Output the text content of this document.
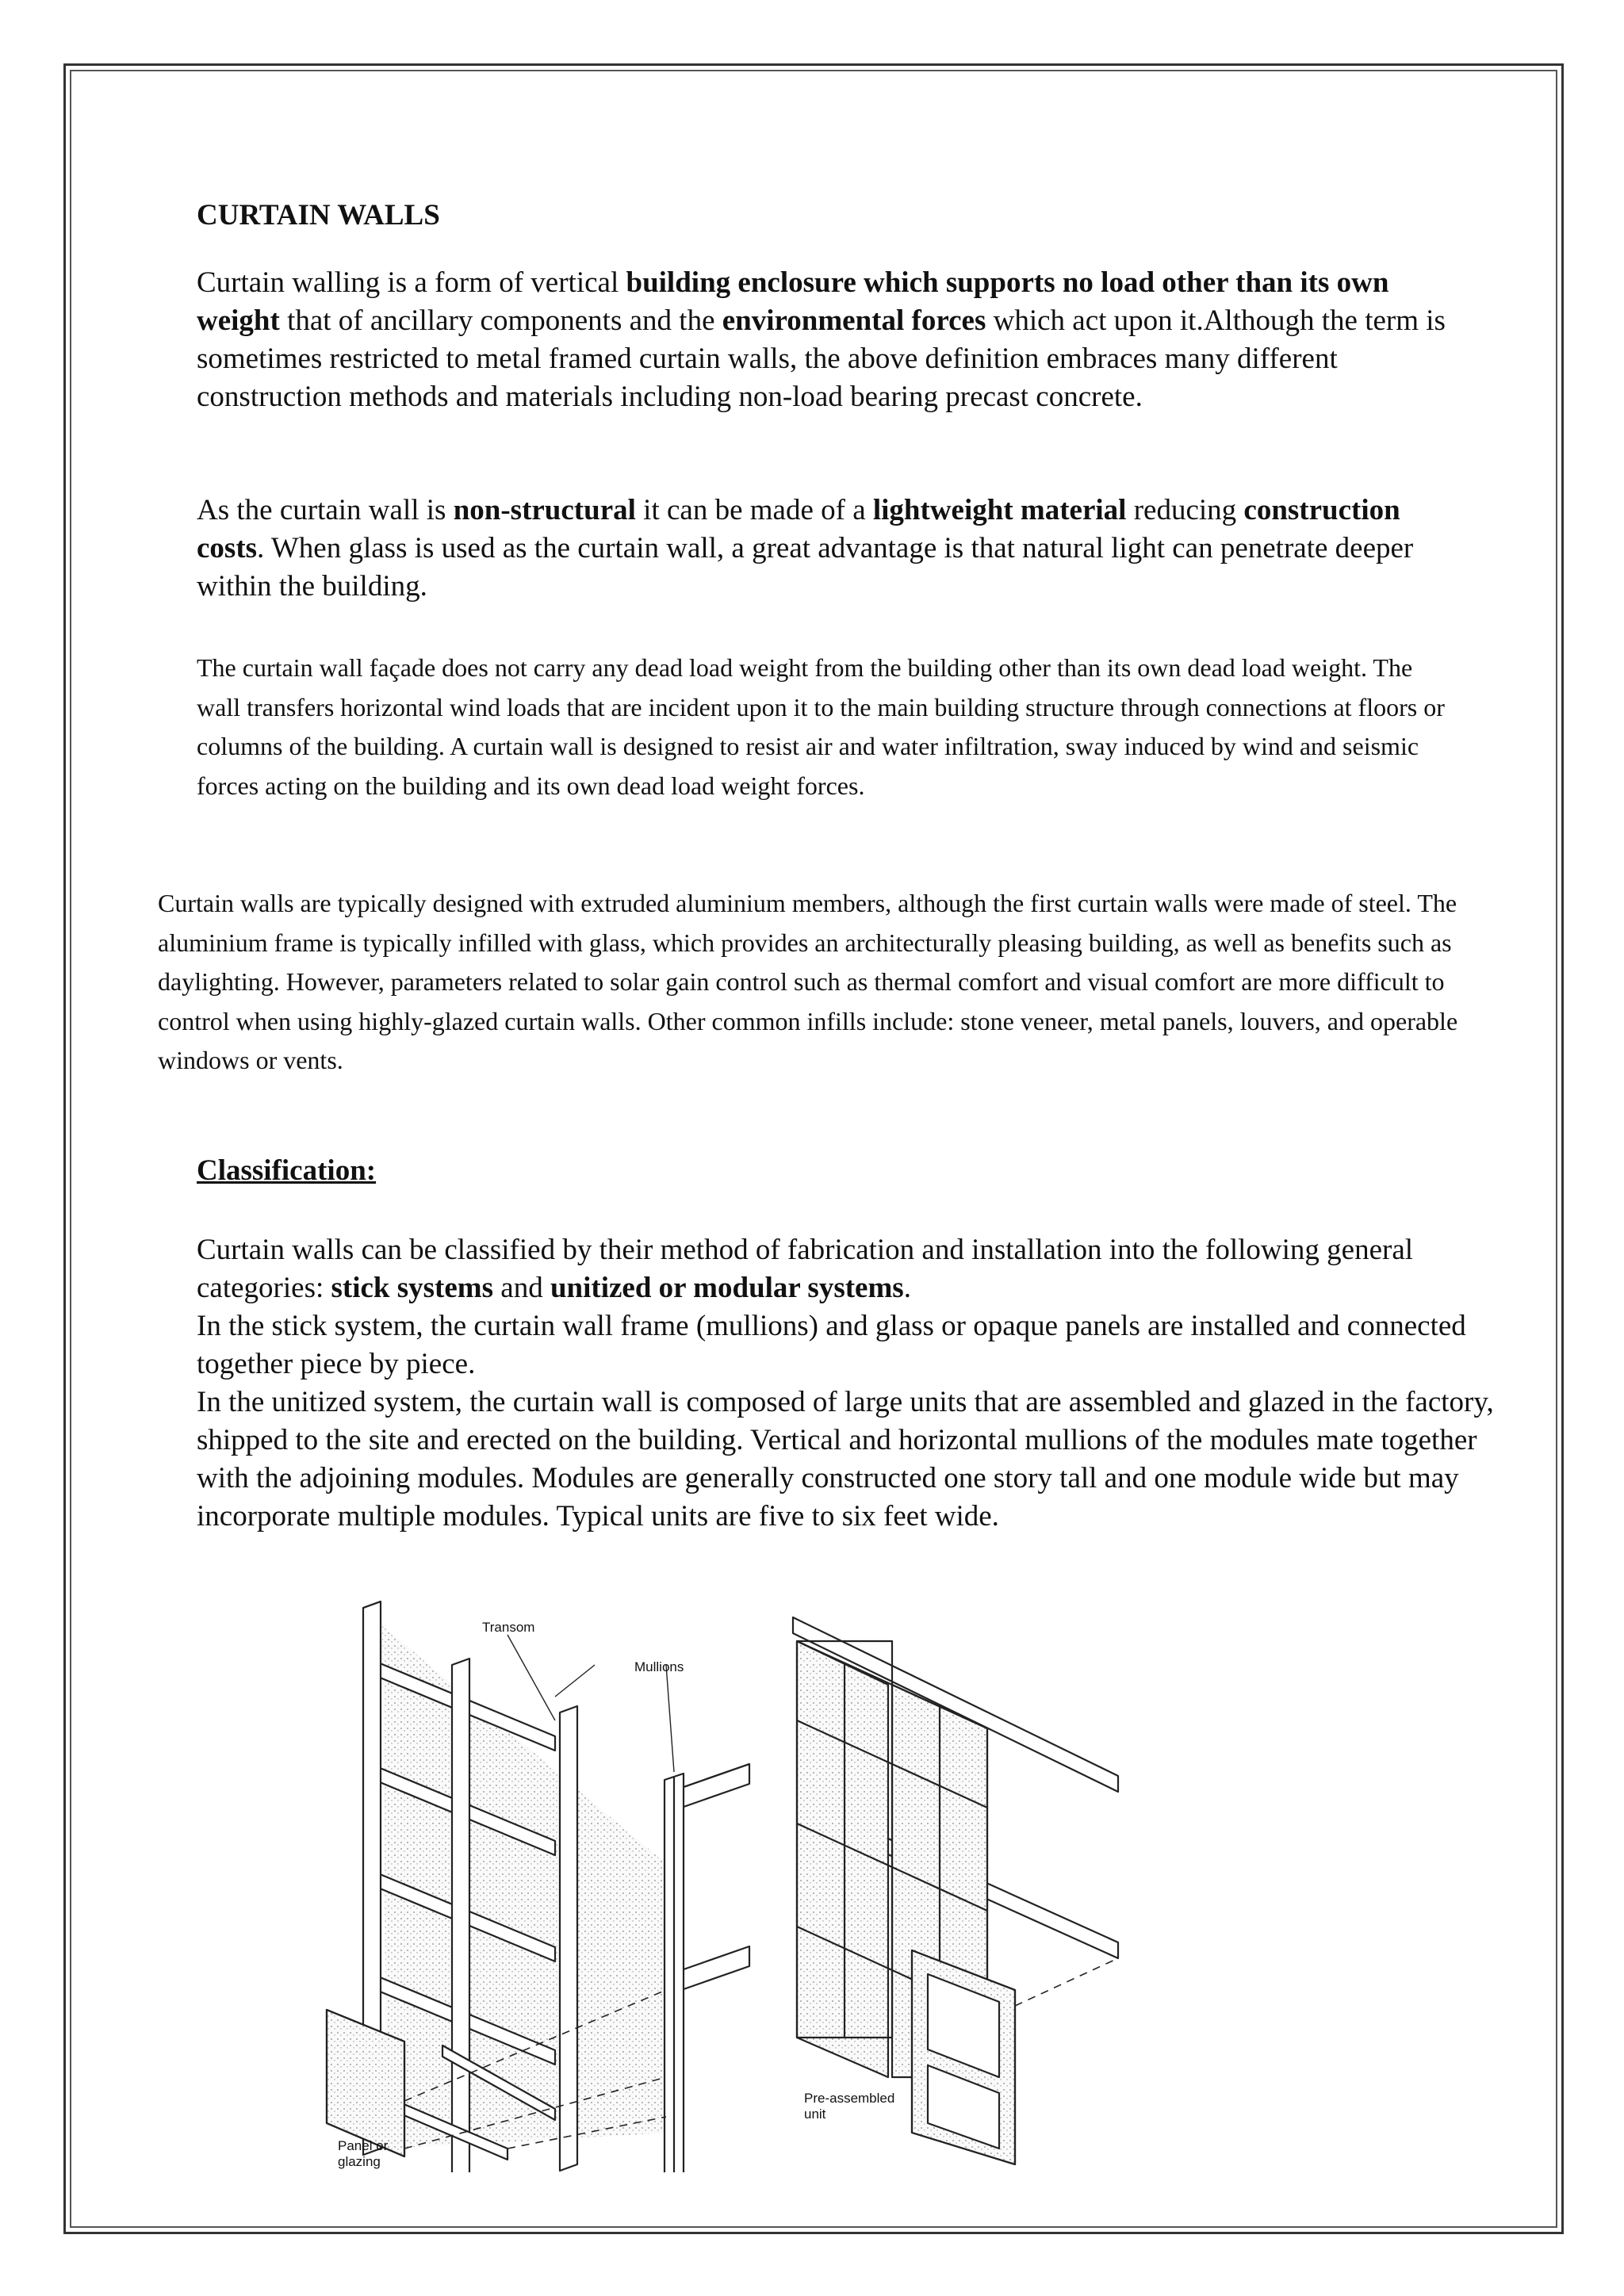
CURTAIN WALLS

Curtain walling is a form of vertical building enclosure which supports no load other than its own weight that of ancillary components and the environmental forces which act upon it.Although the term is sometimes restricted to metal framed curtain walls, the above definition embraces many different construction methods and materials including non-load bearing precast concrete.

As the curtain wall is non-structural it can be made of a lightweight material reducing construction costs. When glass is used as the curtain wall, a great advantage is that natural light can penetrate deeper within the building.

The curtain wall façade does not carry any dead load weight from the building other than its own dead load weight. The wall transfers horizontal wind loads that are incident upon it to the main building structure through connections at floors or columns of the building. A curtain wall is designed to resist air and water infiltration, sway induced by wind and seismic forces acting on the building and its own dead load weight forces.

Curtain walls are typically designed with extruded aluminium members, although the first curtain walls were made of steel. The aluminium frame is typically infilled with glass, which provides an architecturally pleasing building, as well as benefits such as daylighting. However, parameters related to solar gain control such as thermal comfort and visual comfort are more difficult to control when using highly-glazed curtain walls. Other common infills include: stone veneer, metal panels, louvers, and operable windows or vents.

Classification:
Curtain walls can be classified by their method of fabrication and installation into the following general categories: stick systems and unitized or modular systems.
In the stick system, the curtain wall frame (mullions) and glass or opaque panels are installed and connected together piece by piece.
In the unitized system, the curtain wall is composed of large units that are assembled and glazed in the factory, shipped to the site and erected on the building. Vertical and horizontal mullions of the modules mate together with the adjoining modules. Modules are generally constructed one story tall and one module wide but may incorporate multiple modules. Typical units are five to six feet wide.
Transom
Mullions
Panel or
glazing
Pre-assembled
unit
